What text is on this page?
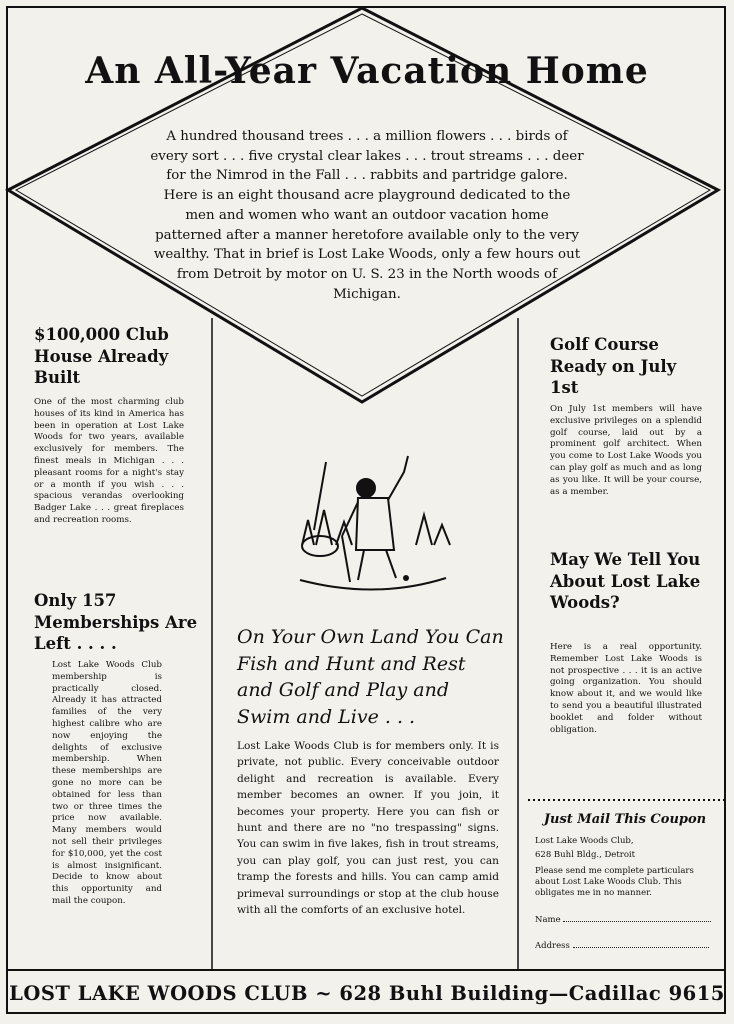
An All-Year Vacation Home
A hundred thousand trees . . . a million flowers . . . birds of every sort . . . five crystal clear lakes . . . trout streams . . . deer for the Nimrod in the Fall . . . rabbits and partridge galore. Here is an eight thousand acre playground dedicated to the men and women who want an outdoor vacation home patterned after a manner heretofore available only to the very wealthy. That in brief is Lost Lake Woods, only a few hours out from Detroit by motor on U. S. 23 in the North woods of Michigan.
$100,000 Club House Already Built
One of the most charming club houses of its kind in America has been in operation at Lost Lake Woods for two years, available exclusively for members. The finest meals in Michigan . . . pleasant rooms for a night's stay or a month if you wish . . . spacious verandas overlooking Badger Lake . . . great fireplaces and recreation rooms.
Only 157 Memberships Are Left . . . .
Lost Lake Woods Club membership is practically closed. Already it has attracted families of the very highest calibre who are now enjoying the delights of exclusive membership. When these memberships are gone no more can be obtained for less than two or three times the price now available. Many members would not sell their privileges for $10,000, yet the cost is almost insignificant. Decide to know about this opportunity and mail the coupon.
On Your Own Land You Can Fish and Hunt and Rest and Golf and Play and Swim and Live . . .
Lost Lake Woods Club is for members only. It is private, not public. Every conceivable outdoor delight and recreation is available. Every member becomes an owner. If you join, it becomes your property. Here you can fish or hunt and there are no "no trespassing" signs. You can swim in five lakes, fish in trout streams, you can play golf, you can just rest, you can tramp the forests and hills. You can camp amid primeval surroundings or stop at the club house with all the comforts of an exclusive hotel.
Golf Course Ready on July 1st
On July 1st members will have exclusive privileges on a splendid golf course, laid out by a prominent golf architect. When you come to Lost Lake Woods you can play golf as much and as long as you like. It will be your course, as a member.
May We Tell You About Lost Lake Woods?
Here is a real opportunity. Remember Lost Lake Woods is not prospective . . . it is an active going organization. You should know about it, and we would like to send you a beautiful illustrated booklet and folder without obligation.
Just Mail This Coupon
Lost Lake Woods Club,
628 Buhl Bldg., Detroit
Please send me complete particulars about Lost Lake Woods Club. This obligates me in no manner.
Name
Address
LOST LAKE WOODS CLUB ~ 628 Buhl Building—Cadillac 9615
